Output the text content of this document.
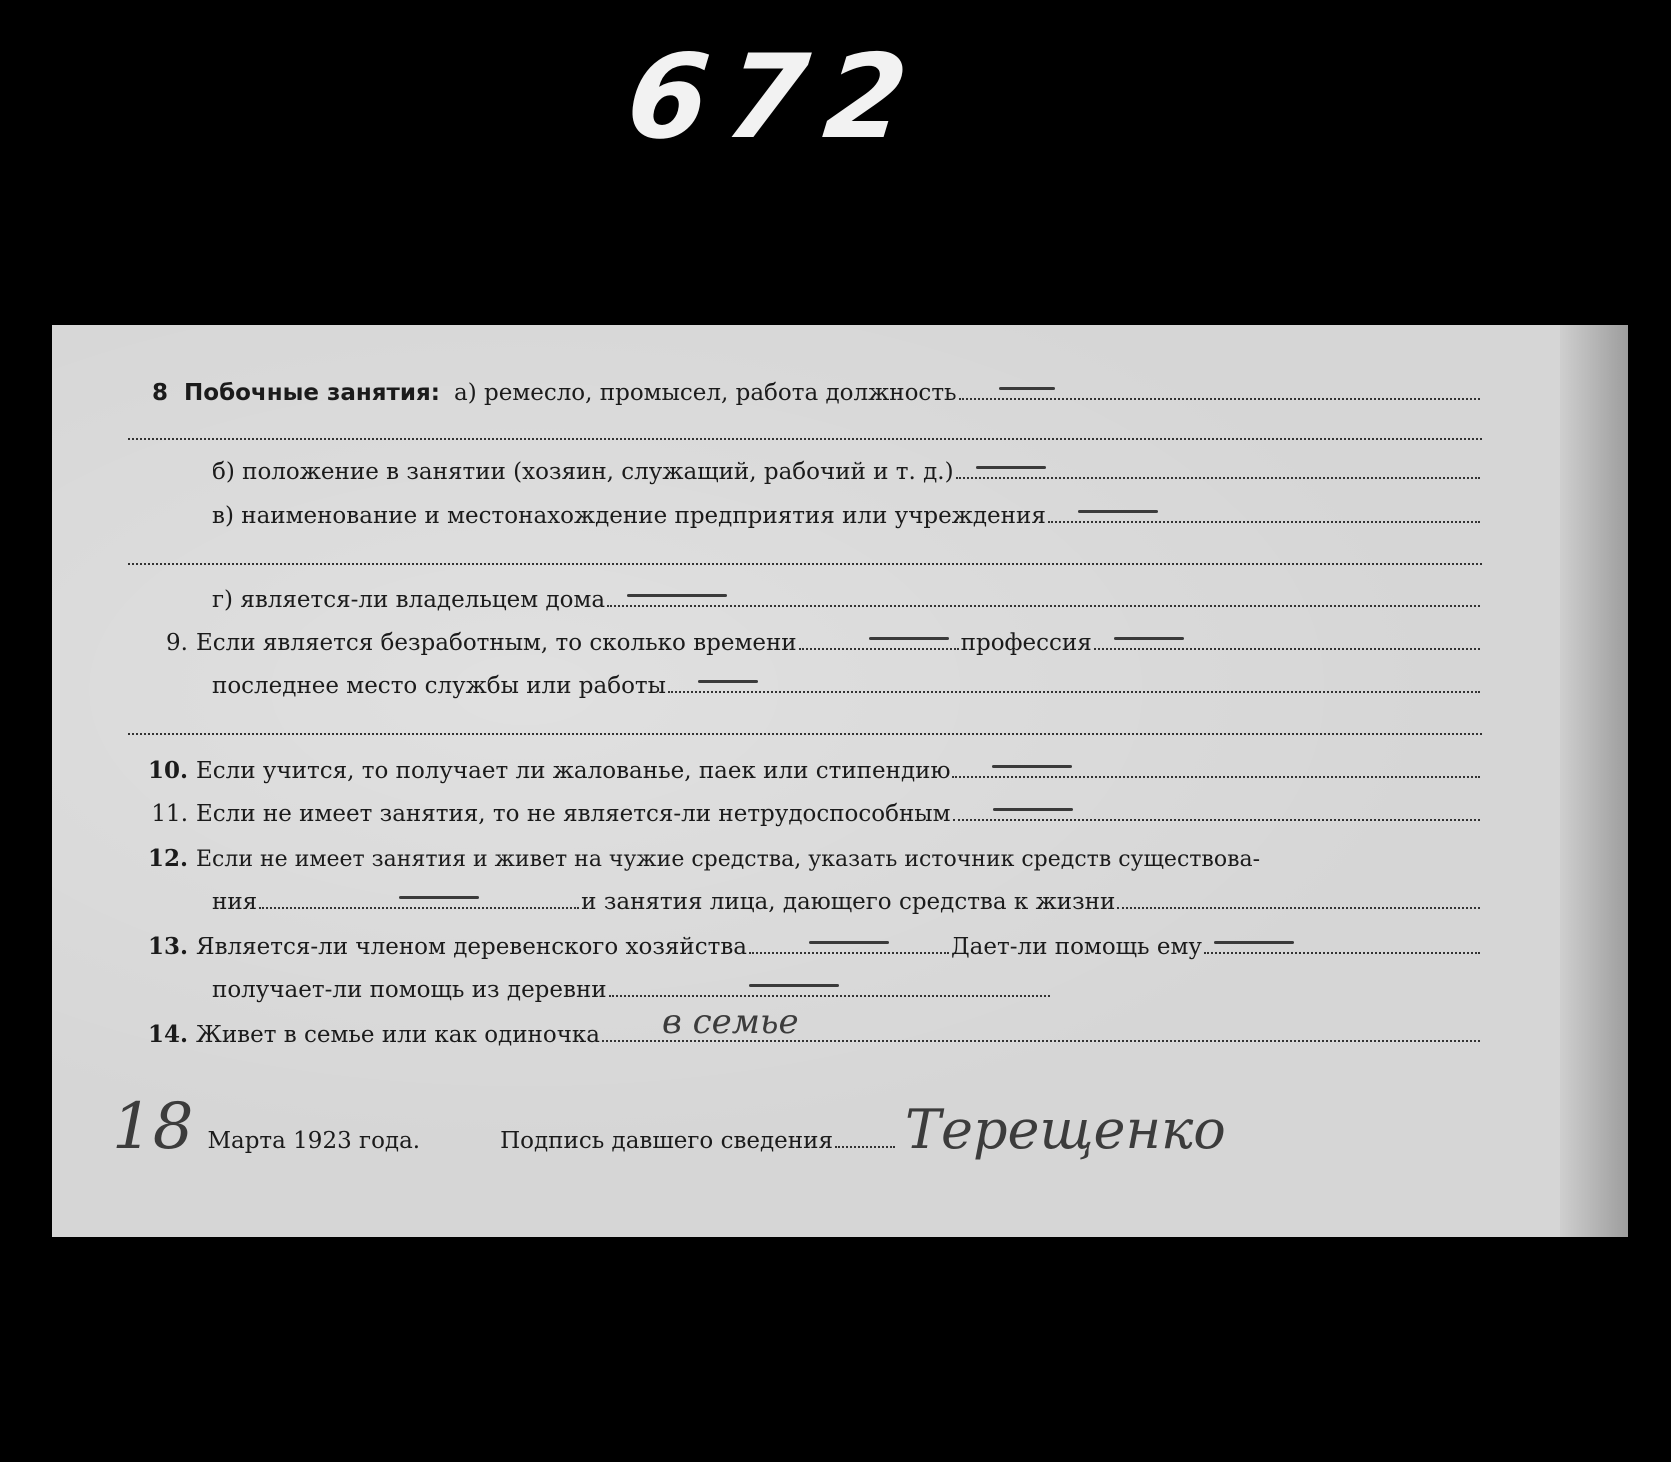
672
8 Побочные занятия: а) ремесло, промысел, работа должность
б) положение в занятии (хозяин, служащий, рабочий и т. д.)
в) наименование и местонахождение предприятия или учреждения
г) является-ли владельцем дома
9. Если является безработным, то сколько времени	профессия
последнее место службы или работы
10. Если учится, то получает ли жалованье, паек или стипендию
11. Если не имеет занятия, то не является-ли нетрудоспособным
12. Если не имеет занятия и живет на чужие средства, указать источник средств существова-
ния	и занятия лица, дающего средства к жизни
13. Является-ли членом деревенского хозяйства	Дает-ли помощь ему
получает-ли помощь из деревни
14. Живет в семье или как одиночка в семье
18 Марта 1923 года.	Подпись давшего сведения Терещенко
